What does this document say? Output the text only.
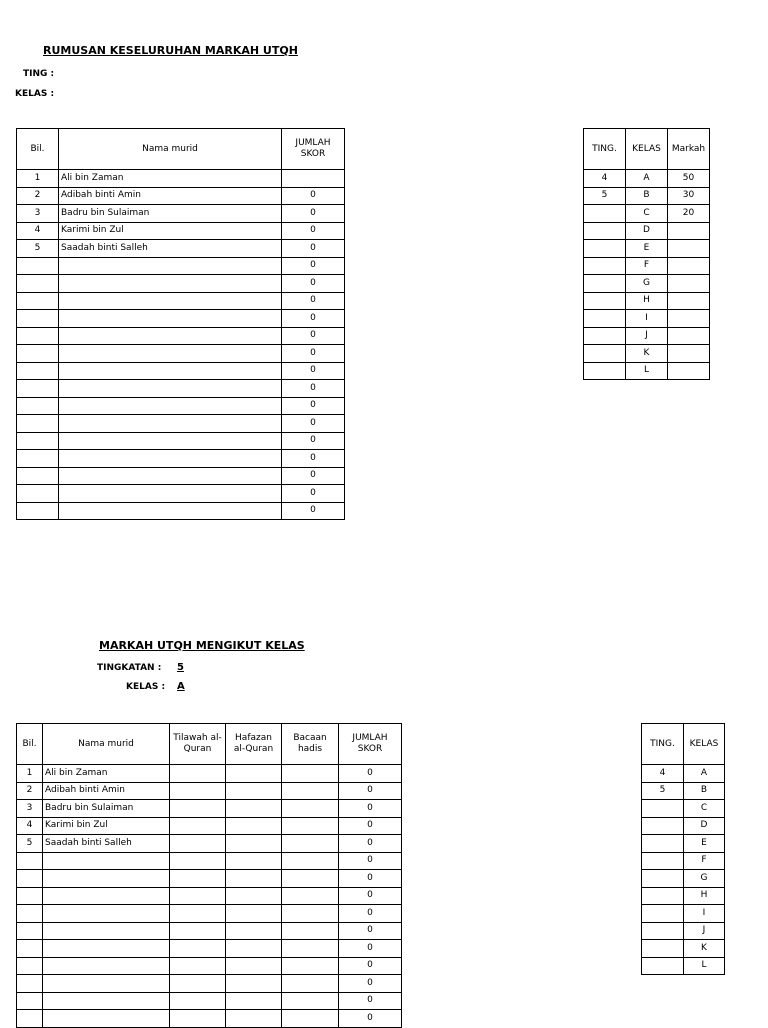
RUMUSAN KESELURUHAN MARKAH UTQH
TING :
KELAS :
Bil.	Nama murid	JUMLAH SKOR
1	Ali bin Zaman	
2	Adibah binti Amin	0
3	Badru bin Sulaiman	0
4	Karimi bin Zul	0
5	Saadah binti Salleh	0
		0
		0
		0
		0
		0
		0
		0
		0
		0
		0
		0
		0
		0
		0
		0
TING.	KELAS	Markah
4	A	50
5	B	30
	C	20
	D	
	E	
	F	
	G	
	H	
	I	
	J	
	K	
	L	
MARKAH UTQH MENGIKUT KELAS
TINGKATAN : 5
KELAS : A
Bil.	Nama murid	Tilawah al-Quran	Hafazan al-Quran	Bacaan hadis	JUMLAH SKOR
1	Ali bin Zaman				0
2	Adibah binti Amin				0
3	Badru bin Sulaiman				0
4	Karimi bin Zul				0
5	Saadah binti Salleh				0
					0
					0
					0
					0
					0
					0
					0
					0
					0
					0
TING.	KELAS
4	A
5	B
	C
	D
	E
	F
	G
	H
	I
	J
	K
	L
